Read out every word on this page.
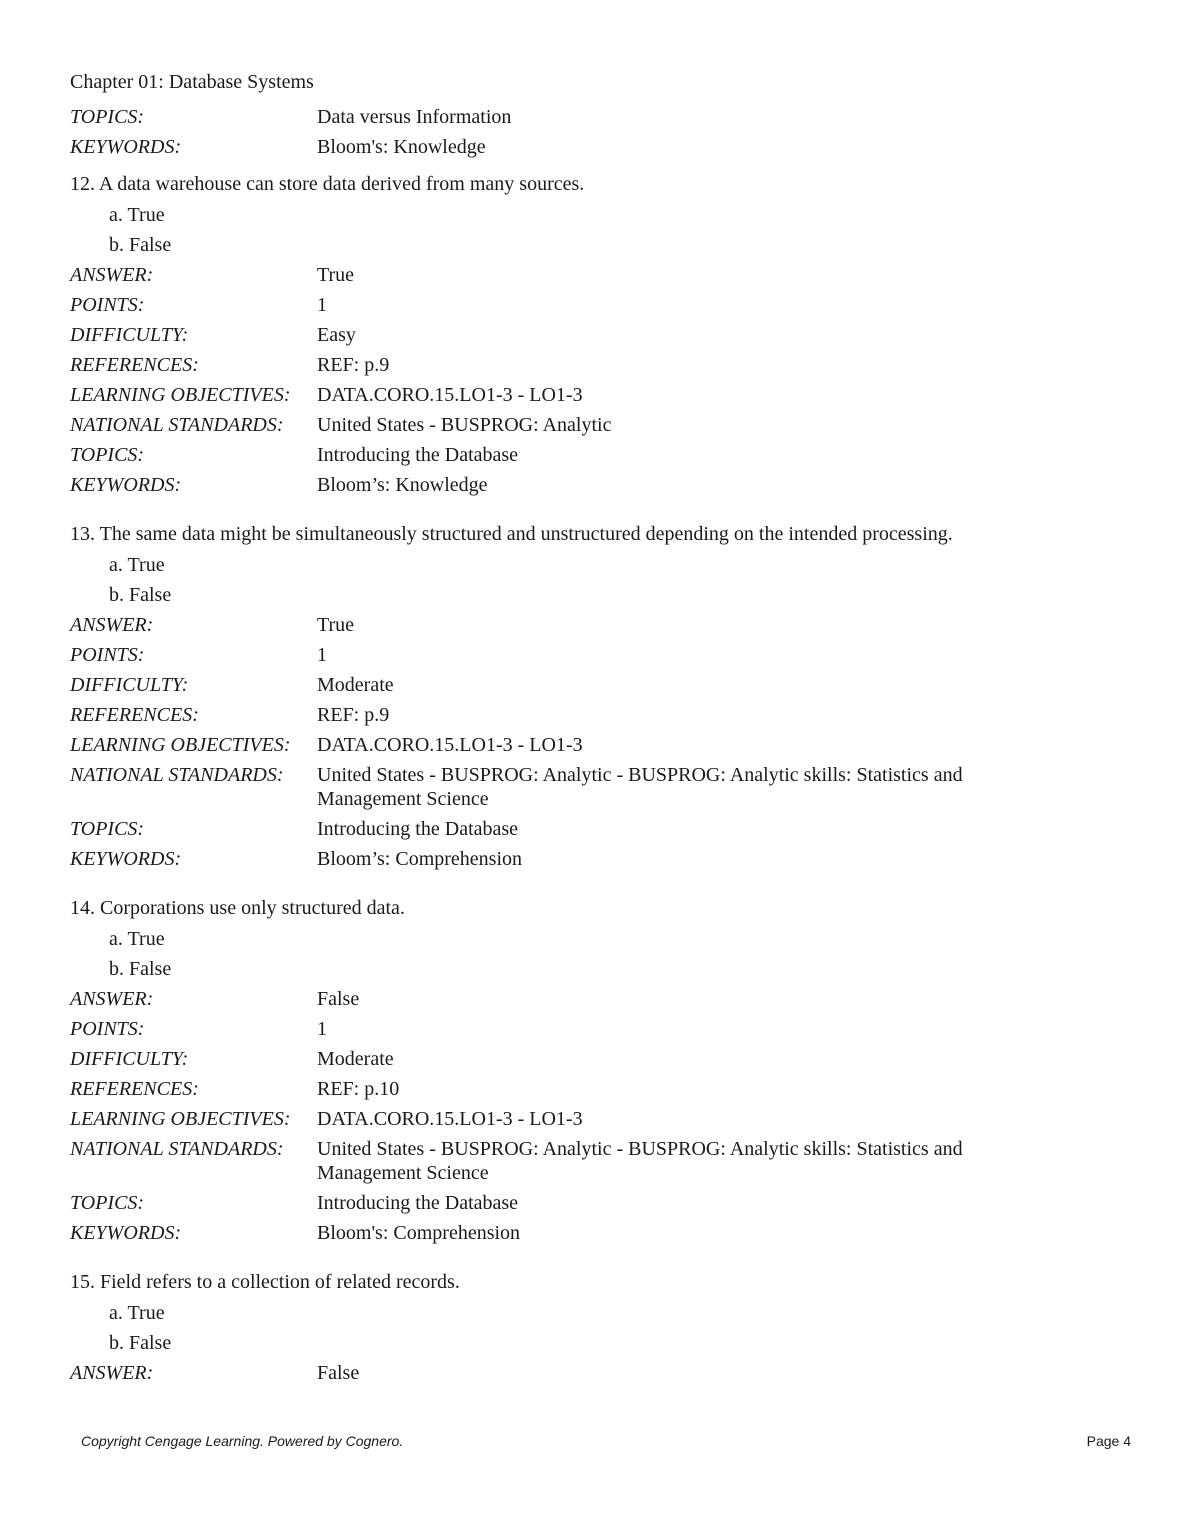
Chapter 01: Database Systems
TOPICS:	Data versus Information
KEYWORDS:	Bloom's: Knowledge
12. A data warehouse can store data derived from many sources.
a. True
b. False
ANSWER:	True
POINTS:	1
DIFFICULTY:	Easy
REFERENCES:	REF: p.9
LEARNING OBJECTIVES:	DATA.CORO.15.LO1-3 - LO1-3
NATIONAL STANDARDS:	United States - BUSPROG: Analytic
TOPICS:	Introducing the Database
KEYWORDS:	Bloom’s: Knowledge
13. The same data might be simultaneously structured and unstructured depending on the intended processing.
a. True
b. False
ANSWER:	True
POINTS:	1
DIFFICULTY:	Moderate
REFERENCES:	REF: p.9
LEARNING OBJECTIVES:	DATA.CORO.15.LO1-3 - LO1-3
NATIONAL STANDARDS:	United States - BUSPROG: Analytic - BUSPROG: Analytic skills: Statistics and Management Science
TOPICS:	Introducing the Database
KEYWORDS:	Bloom’s: Comprehension
14. Corporations use only structured data.
a. True
b. False
ANSWER:	False
POINTS:	1
DIFFICULTY:	Moderate
REFERENCES:	REF: p.10
LEARNING OBJECTIVES:	DATA.CORO.15.LO1-3 - LO1-3
NATIONAL STANDARDS:	United States - BUSPROG: Analytic - BUSPROG: Analytic skills: Statistics and Management Science
TOPICS:	Introducing the Database
KEYWORDS:	Bloom's: Comprehension
15. Field refers to a collection of related records.
a. True
b. False
ANSWER:	False
Copyright Cengage Learning. Powered by Cognero.	Page 4
